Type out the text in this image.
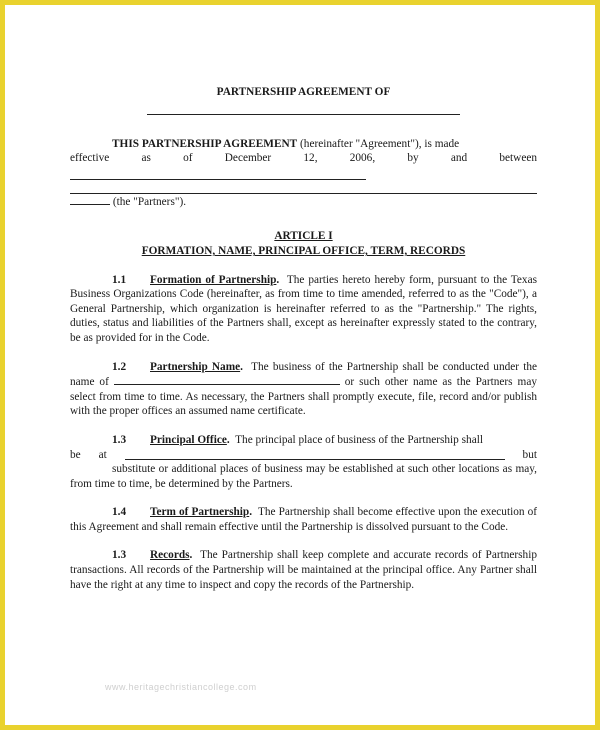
PARTNERSHIP AGREEMENT OF

THIS PARTNERSHIP AGREEMENT (hereinafter "Agreement"), is made

effective	as	of	December	12,	2006,	by	and	between

(the "Partners").

ARTICLE I
FORMATION, NAME, PRINCIPAL OFFICE, TERM, RECORDS

1.1 Formation of Partnership. The parties hereto hereby form, pursuant to the Texas Business Organizations Code (hereinafter, as from time to time amended, referred to as the "Code"), a General Partnership, which organization is hereinafter referred to as the "Partnership." The rights, duties, status and liabilities of the Partners shall, except as hereinafter expressly stated to the contrary, be as provided for in the Code.

1.2 Partnership Name. The business of the Partnership shall be conducted under the name of	or such other name as the Partners may select from time to time. As necessary, the Partners shall promptly execute, file, record and/or publish with the proper offices an assumed name certificate.

1.3 Principal Office. The principal place of business of the Partnership shall

be at	but

substitute or additional places of business may be established at such other locations as may, from time to time, be determined by the Partners.

1.4 Term of Partnership. The Partnership shall become effective upon the execution of this Agreement and shall remain effective until the Partnership is dissolved pursuant to the Code.

1.3 Records. The Partnership shall keep complete and accurate records of Partnership transactions. All records of the Partnership will be maintained at the principal office. Any Partner shall have the right at any time to inspect and copy the records of the Partnership.

www.heritagechristiancollege.com
